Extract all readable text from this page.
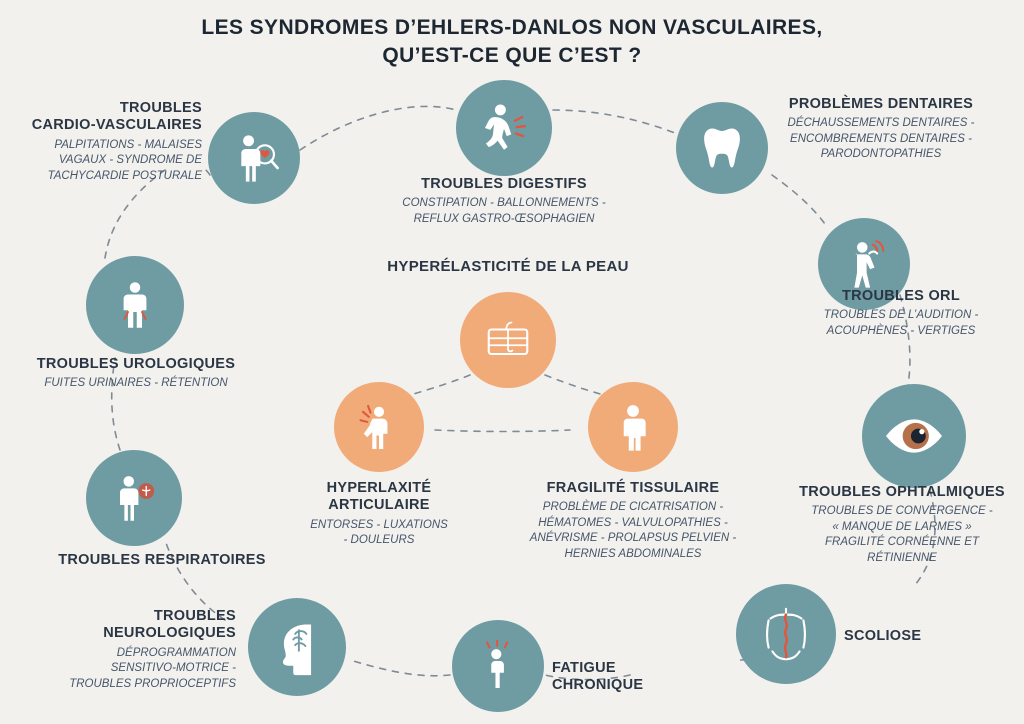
LES SYNDROMES D’EHLERS-DANLOS NON VASCULAIRES,
QU’EST-CE QUE C’EST ?
TROUBLES
CARDIO-VASCULAIRES
PALPITATIONS - MALAISES
VAGAUX - SYNDROME DE
TACHYCARDIE POSTURALE
TROUBLES DIGESTIFS
CONSTIPATION - BALLONNEMENTS -
REFLUX GASTRO-ŒSOPHAGIEN
PROBLÈMES DENTAIRES
DÉCHAUSSEMENTS DENTAIRES -
ENCOMBREMENTS DENTAIRES -
PARODONTOPATHIES
TROUBLES ORL
TROUBLES DE L’AUDITION -
ACOUPHÈNES - VERTIGES
TROUBLES OPHTALMIQUES
TROUBLES DE CONVERGENCE -
« MANQUE DE LARMES »
FRAGILITÉ CORNÉENNE ET
RÉTINIENNE
SCOLIOSE
FATIGUE
CHRONIQUE
TROUBLES
NEUROLOGIQUES
DÉPROGRAMMATION
SENSITIVO-MOTRICE -
TROUBLES PROPRIOCEPTIFS
TROUBLES RESPIRATOIRES
TROUBLES UROLOGIQUES
FUITES URINAIRES - RÉTENTION
HYPERÉLASTICITÉ DE LA PEAU
HYPERLAXITÉ
ARTICULAIRE
ENTORSES - LUXATIONS
- DOULEURS
FRAGILITÉ TISSULAIRE
PROBLÈME DE CICATRISATION -
HÉMATOMES - VALVULOPATHIES -
ANÉVRISME - PROLAPSUS PELVIEN -
HERNIES ABDOMINALES
